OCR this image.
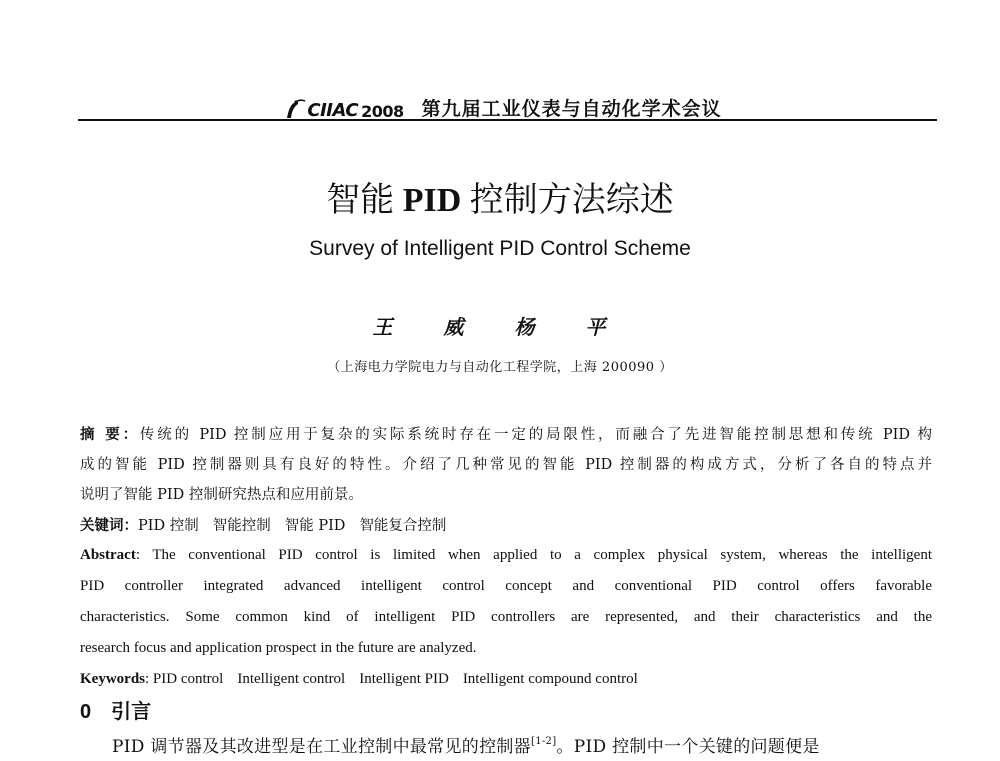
CIIAC 2008 第九届工业仪表与自动化学术会议
智能 PID 控制方法综述
Survey of Intelligent PID Control Scheme
王 威 杨 平
（上海电力学院电力与自动化工程学院，上海 200090 ）
摘 要：传统的 PID 控制应用于复杂的实际系统时存在一定的局限性，而融合了先进智能控制思想和传统 PID 构
成的智能 PID 控制器则具有良好的特性。介绍了几种常见的智能 PID 控制器的构成方式，分析了各自的特点并
说明了智能 PID 控制研究热点和应用前景。
关键词：PID 控制 智能控制 智能 PID 智能复合控制
Abstract: The conventional PID control is limited when applied to a complex physical system, whereas the intelligent
PID controller integrated advanced intelligent control concept and conventional PID control offers favorable
characteristics. Some common kind of intelligent PID controllers are represented, and their characteristics and the
research focus and application prospect in the future are analyzed.
Keywords: PID control Intelligent control Intelligent PID Intelligent compound control
0 引言
PID 调节器及其改进型是在工业控制中最常见的控制器[1-2]。PID 控制中一个关键的问题便是
